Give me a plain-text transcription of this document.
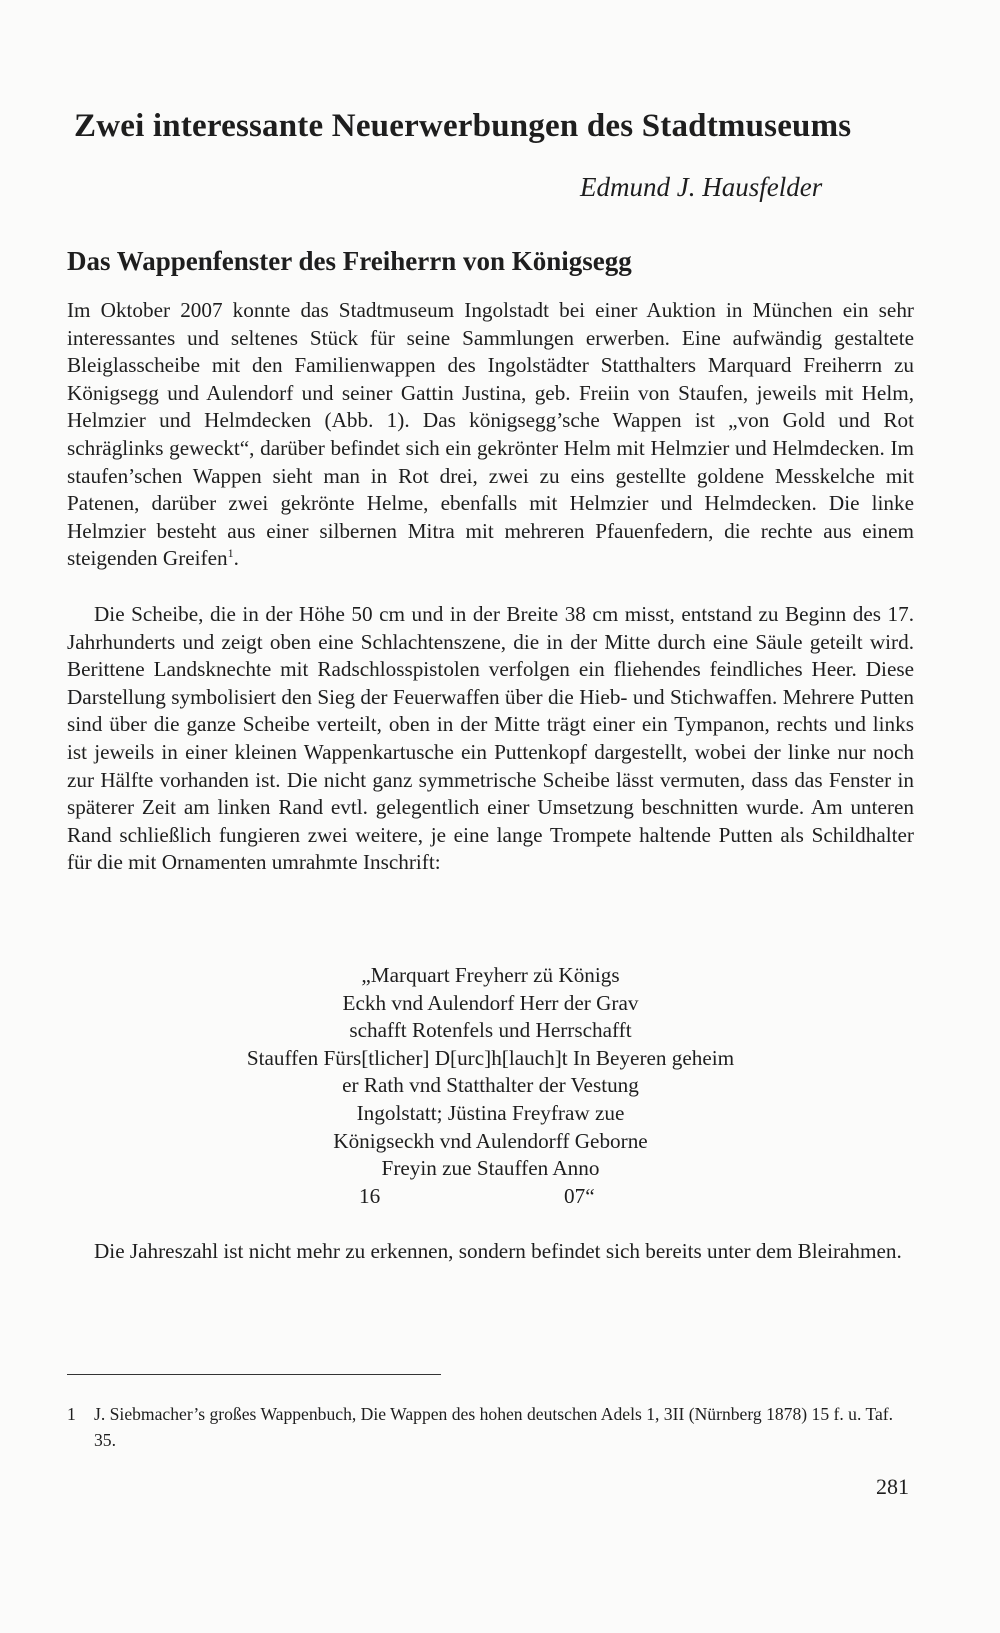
Zwei interessante Neuerwerbungen des Stadtmuseums

Edmund J. Hausfelder

Das Wappenfenster des Freiherrn von Königsegg

Im Oktober 2007 konnte das Stadtmuseum Ingolstadt bei einer Auktion in München ein sehr interessantes und seltenes Stück für seine Sammlungen erwerben. Eine aufwändig gestaltete Bleiglasscheibe mit den Familienwappen des Ingolstädter Statthalters Marquard Freiherrn zu Königsegg und Aulendorf und seiner Gattin Justina, geb. Freiin von Staufen, jeweils mit Helm, Helmzier und Helmdecken (Abb. 1). Das königsegg’sche Wappen ist „von Gold und Rot schräglinks geweckt“, darüber befindet sich ein gekrönter Helm mit Helmzier und Helmdecken. Im staufen’schen Wappen sieht man in Rot drei, zwei zu eins gestellte goldene Messkelche mit Patenen, darüber zwei gekrönte Helme, ebenfalls mit Helmzier und Helmdecken. Die linke Helmzier besteht aus einer silbernen Mitra mit mehreren Pfauenfedern, die rechte aus einem steigenden Greifen$^1$.

Die Scheibe, die in der Höhe 50 cm und in der Breite 38 cm misst, entstand zu Beginn des 17. Jahrhunderts und zeigt oben eine Schlachtenszene, die in der Mitte durch eine Säule geteilt wird. Berittene Landsknechte mit Radschlosspistolen verfolgen ein fliehendes feindliches Heer. Diese Darstellung symbolisiert den Sieg der Feuerwaffen über die Hieb- und Stichwaffen. Mehrere Putten sind über die ganze Scheibe verteilt, oben in der Mitte trägt einer ein Tympanon, rechts und links ist jeweils in einer kleinen Wappenkartusche ein Puttenkopf dargestellt, wobei der linke nur noch zur Hälfte vorhanden ist. Die nicht ganz symmetrische Scheibe lässt vermuten, dass das Fenster in späterer Zeit am linken Rand evtl. gelegentlich einer Umsetzung beschnitten wurde. Am unteren Rand schließlich fungieren zwei weitere, je eine lange Trompete haltende Putten als Schildhalter für die mit Ornamenten umrahmte Inschrift:

„Marquart Freyherr zü Königs
Eckh vnd Aulendorf Herr der Grav
schafft Rotenfels und Herrschafft
Stauffen Fürs[tlicher] D[urc]h[lauch]t In Beyeren geheim
er Rath vnd Statthalter der Vestung
Ingolstatt; Jüstina Freyfraw zue
Königseckh vnd Aulendorff Geborne
Freyin zue Stauffen Anno
16	07“

Die Jahreszahl ist nicht mehr zu erkennen, sondern befindet sich bereits unter dem Bleirahmen.

1	J. Siebmacher’s großes Wappenbuch, Die Wappen des hohen deutschen Adels 1, 3II (Nürnberg 1878) 15 f. u. Taf. 35.
281
